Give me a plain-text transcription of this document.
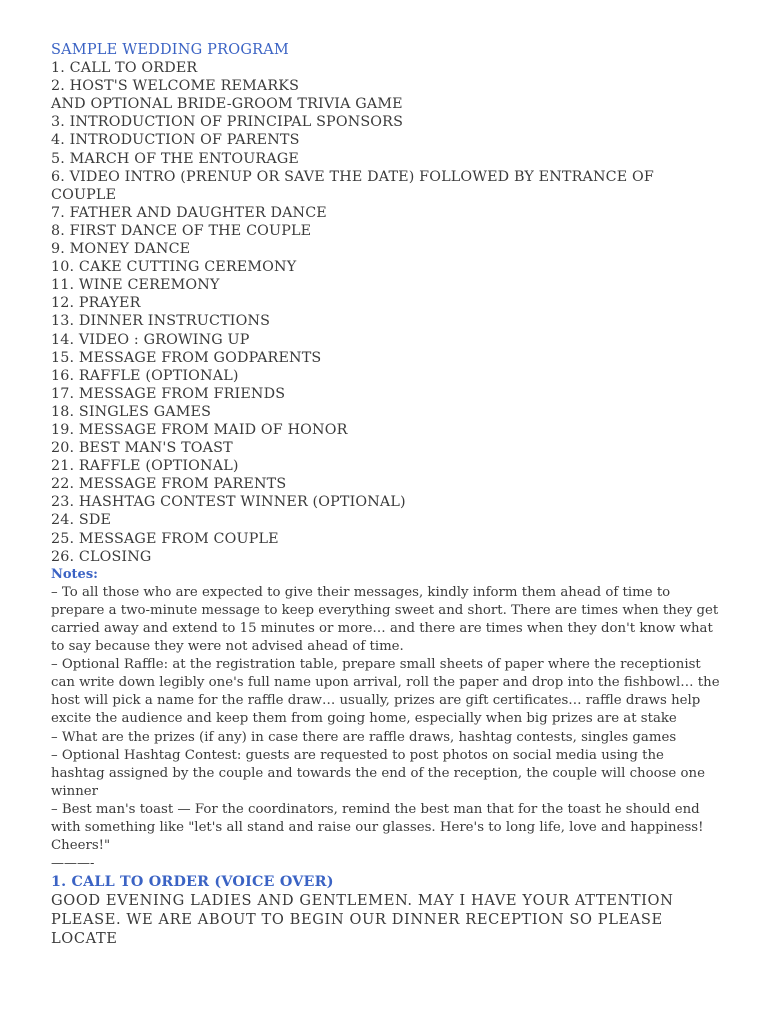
SAMPLE WEDDING PROGRAM
1. CALL TO ORDER
2. HOST'S WELCOME REMARKS
AND OPTIONAL BRIDE-GROOM TRIVIA GAME
3. INTRODUCTION OF PRINCIPAL SPONSORS
4. INTRODUCTION OF PARENTS
5. MARCH OF THE ENTOURAGE
6. VIDEO INTRO (PRENUP OR SAVE THE DATE) FOLLOWED BY ENTRANCE OF COUPLE
7. FATHER AND DAUGHTER DANCE
8. FIRST DANCE OF THE COUPLE
9. MONEY DANCE
10. CAKE CUTTING CEREMONY
11. WINE CEREMONY
12. PRAYER
13. DINNER INSTRUCTIONS
14. VIDEO : GROWING UP
15. MESSAGE FROM GODPARENTS
16. RAFFLE (OPTIONAL)
17. MESSAGE FROM FRIENDS
18. SINGLES GAMES
19. MESSAGE FROM MAID OF HONOR
20. BEST MAN'S TOAST
21. RAFFLE (OPTIONAL)
22. MESSAGE FROM PARENTS
23. HASHTAG CONTEST WINNER (OPTIONAL)
24. SDE
25. MESSAGE FROM COUPLE
26. CLOSING
Notes:
– To all those who are expected to give their messages, kindly inform them ahead of time to prepare a two-minute message to keep everything sweet and short. There are times when they get carried away and extend to 15 minutes or more… and there are times when they don't know what to say because they were not advised ahead of time.
– Optional Raffle: at the registration table, prepare small sheets of paper where the receptionist can write down legibly one's full name upon arrival, roll the paper and drop into the fishbowl… the host will pick a name for the raffle draw… usually, prizes are gift certificates… raffle draws help excite the audience and keep them from going home, especially when big prizes are at stake
– What are the prizes (if any) in case there are raffle draws, hashtag contests, singles games
– Optional Hashtag Contest: guests are requested to post photos on social media using the hashtag assigned by the couple and towards the end of the reception, the couple will choose one winner
– Best man's toast — For the coordinators, remind the best man that for the toast he should end with something like "let's all stand and raise our glasses. Here's to long life, love and happiness! Cheers!"
———-
1. CALL TO ORDER (VOICE OVER)
GOOD EVENING LADIES AND GENTLEMEN. MAY I HAVE YOUR ATTENTION PLEASE. WE ARE ABOUT TO BEGIN OUR DINNER RECEPTION SO PLEASE LOCATE
